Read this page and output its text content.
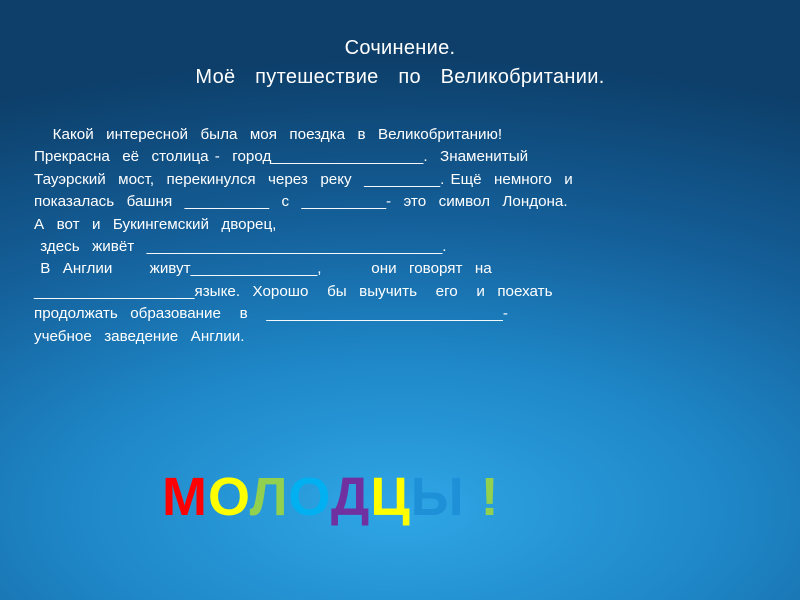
Сочинение.
Моё  путешествие  по  Великобритании.
Какой  интересной  была  моя  поездка  в  Великобританию!
Прекрасна  её  столица -  город__________________.  Знаменитый
Тауэрский  мост,  перекинулся  через  реку  _________. Ещё  немного  и
показалась  башня  __________  с  __________-  это  символ  Лондона.
А  вот  и  Букингемский  дворец,
здесь  живёт  ___________________________________.
В  Англии      живут_______________,        они  говорят  на
___________________языке.  Хорошо   бы  выучить   его   и  поехать
продолжать  образование   в   ____________________________-
учебное  заведение  Англии.
МОЛОДЦЫ !
